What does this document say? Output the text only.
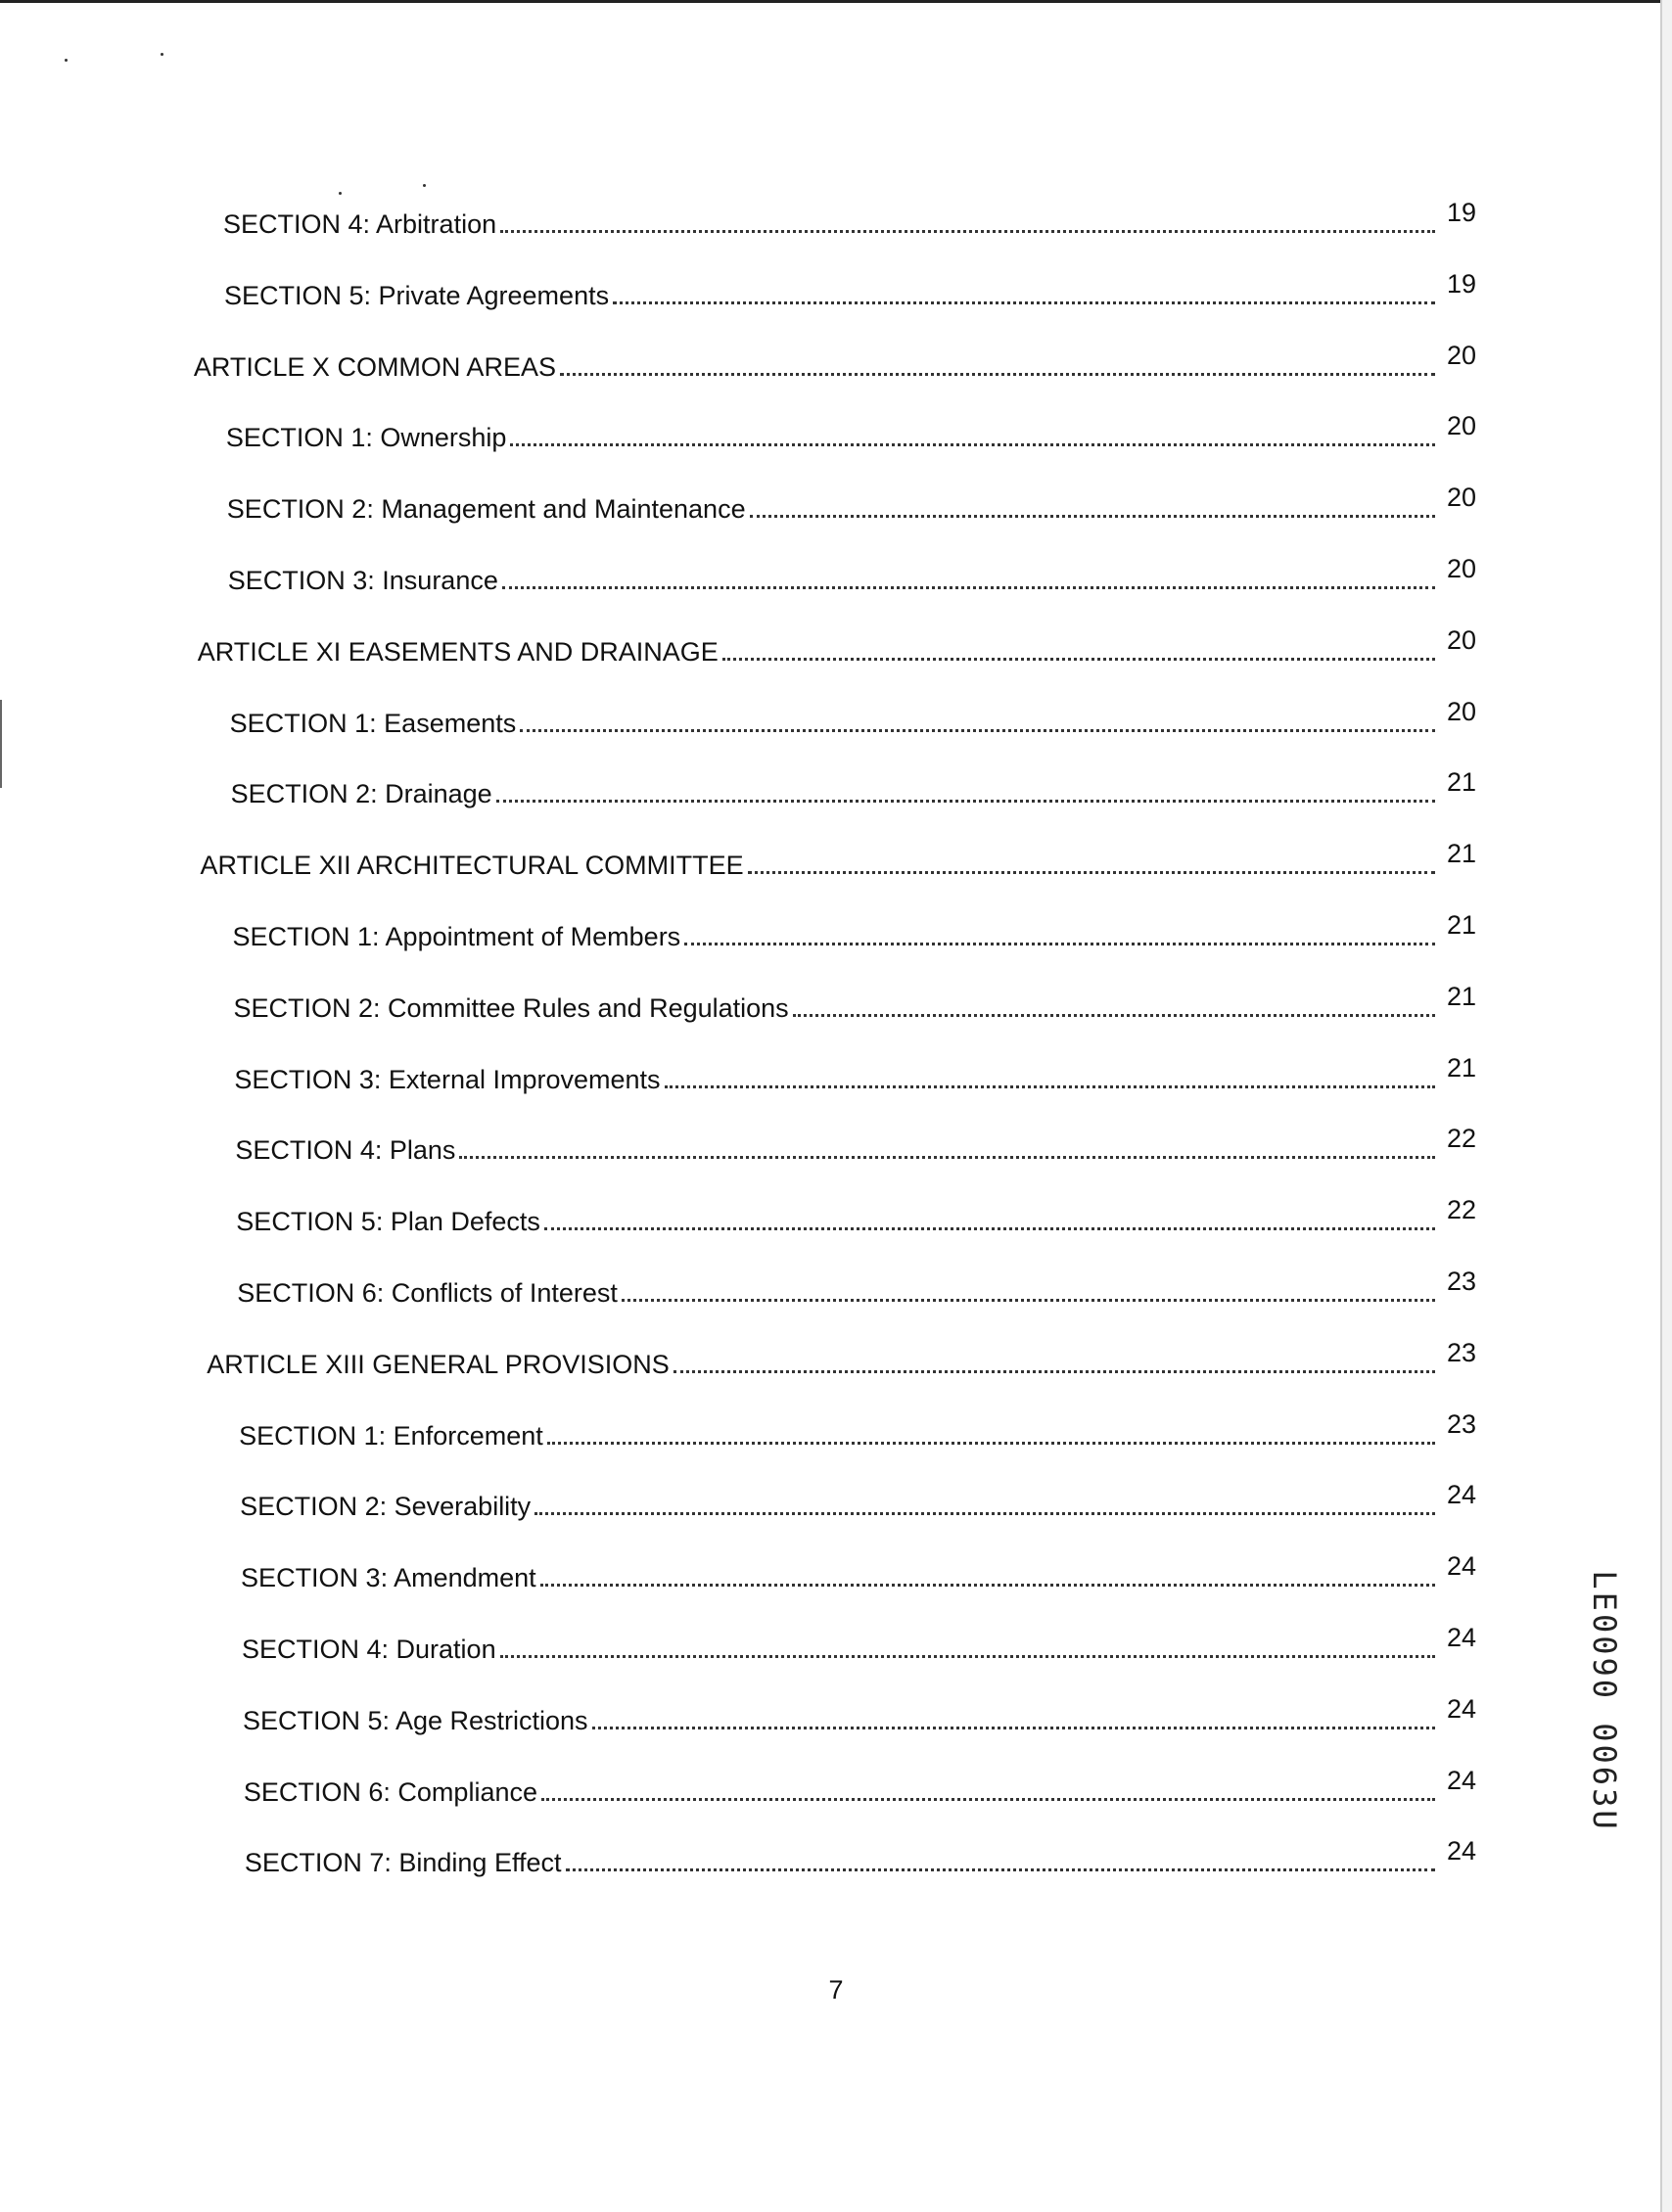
SECTION 4: Arbitration	19
SECTION 5: Private Agreements	19
ARTICLE X COMMON AREAS	20
SECTION 1: Ownership	20
SECTION 2: Management and Maintenance	20
SECTION 3: Insurance	20
ARTICLE XI EASEMENTS AND DRAINAGE	20
SECTION 1: Easements	20
SECTION 2: Drainage	21
ARTICLE XII ARCHITECTURAL COMMITTEE	21
SECTION 1: Appointment of Members	21
SECTION 2: Committee Rules and Regulations	21
SECTION 3: External Improvements	21
SECTION 4: Plans	22
SECTION 5: Plan Defects	22
SECTION 6: Conflicts of Interest	23
ARTICLE XIII GENERAL PROVISIONS	23
SECTION 1: Enforcement	23
SECTION 2: Severability	24
SECTION 3: Amendment	24
SECTION 4: Duration	24
SECTION 5: Age Restrictions	24
SECTION 6: Compliance	24
SECTION 7: Binding Effect	24
7
LE0090 0063U
